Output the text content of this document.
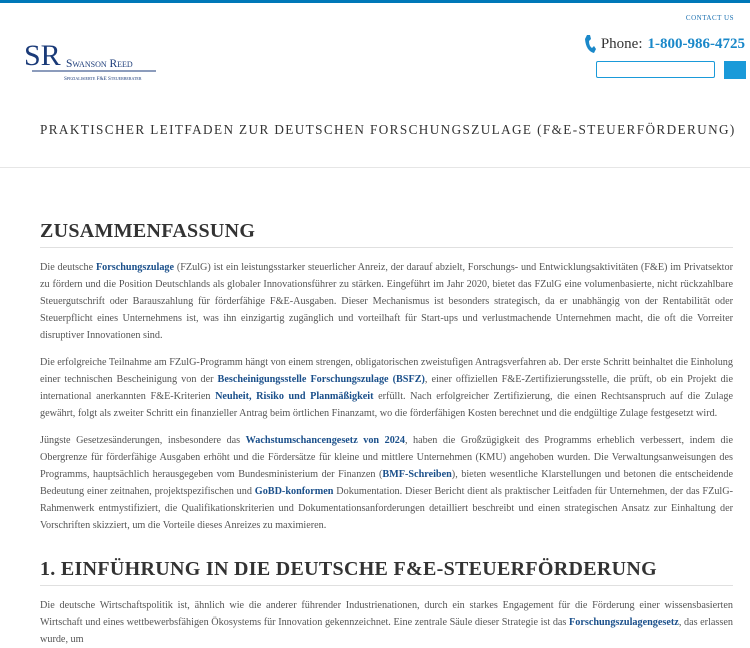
CONTACT US
SR Swanson Reed
Spezialisierte F&E Steuerberater
Phone: 1-800-986-4725
PRAKTISCHER LEITFADEN ZUR DEUTSCHEN FORSCHUNGSZULAGE (F&E-STEUERFÖRDERUNG)
ZUSAMMENFASSUNG

Die deutsche Forschungszulage (FZulG) ist ein leistungsstarker steuerlicher Anreiz, der darauf abzielt, Forschungs- und Entwicklungsaktivitäten (F&E) im Privatsektor zu fördern und die Position Deutschlands als globaler Innovationsführer zu stärken. Eingeführt im Jahr 2020, bietet das FZulG eine volumenbasierte, nicht rückzahlbare Steuergutschrift oder Barauszahlung für förderfähige F&E-Ausgaben. Dieser Mechanismus ist besonders strategisch, da er unabhängig von der Rentabilität oder Steuerpflicht eines Unternehmens ist, was ihn einzigartig zugänglich und vorteilhaft für Start-ups und verlustmachende Unternehmen macht, die oft die Vorreiter disruptiver Innovationen sind.

Die erfolgreiche Teilnahme am FZulG-Programm hängt von einem strengen, obligatorischen zweistufigen Antragsverfahren ab. Der erste Schritt beinhaltet die Einholung einer technischen Bescheinigung von der Bescheinigungsstelle Forschungszulage (BSFZ), einer offiziellen F&E-Zertifizierungsstelle, die prüft, ob ein Projekt die international anerkannten F&E-Kriterien Neuheit, Risiko und Planmäßigkeit erfüllt. Nach erfolgreicher Zertifizierung, die einen Rechtsanspruch auf die Zulage gewährt, folgt als zweiter Schritt ein finanzieller Antrag beim örtlichen Finanzamt, wo die förderfähigen Kosten berechnet und die endgültige Zulage festgesetzt wird.

Jüngste Gesetzesänderungen, insbesondere das Wachstumschancengesetz von 2024, haben die Großzügigkeit des Programms erheblich verbessert, indem die Obergrenze für förderfähige Ausgaben erhöht und die Fördersätze für kleine und mittlere Unternehmen (KMU) angehoben wurden. Die Verwaltungsanweisungen des Programms, hauptsächlich herausgegeben vom Bundesministerium der Finanzen (BMF-Schreiben), bieten wesentliche Klarstellungen und betonen die entscheidende Bedeutung einer zeitnahen, projektspezifischen und GoBD-konformen Dokumentation. Dieser Bericht dient als praktischer Leitfaden für Unternehmen, der das FZulG-Rahmenwerk entmystifiziert, die Qualifikationskriterien und Dokumentationsanforderungen detailliert beschreibt und einen strategischen Ansatz zur Einhaltung der Vorschriften skizziert, um die Vorteile dieses Anreizes zu maximieren.

1. EINFÜHRUNG IN DIE DEUTSCHE F&E-STEUERFÖRDERUNG

Die deutsche Wirtschaftspolitik ist, ähnlich wie die anderer führender Industrienationen, durch ein starkes Engagement für die Förderung einer wissensbasierten Wirtschaft und eines wettbewerbsfähigen Ökosystems für Innovation gekennzeichnet. Eine zentrale Säule dieser Strategie ist das Forschungszulagengesetz, das erlassen wurde, um
